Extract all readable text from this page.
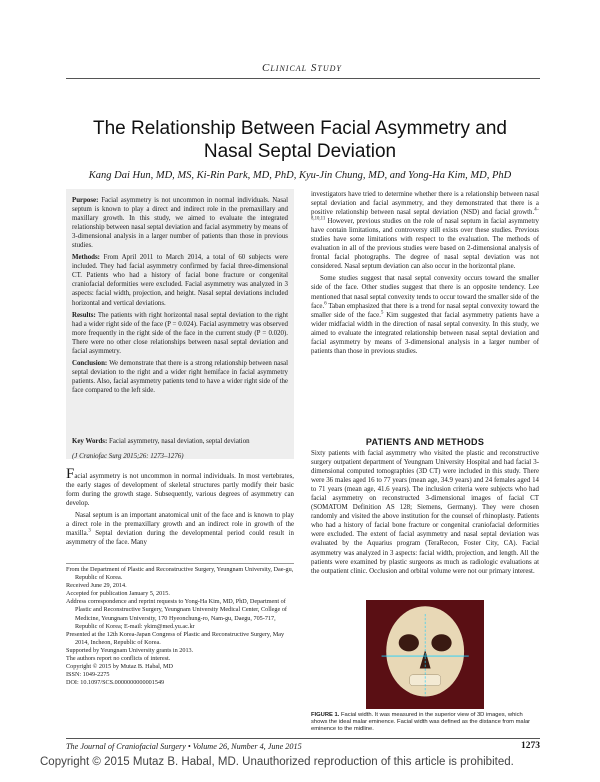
Clinical Study
The Relationship Between Facial Asymmetry and
Nasal Septal Deviation
Kang Dai Hun, MD, MS, Ki-Rin Park, MD, PhD, Kyu-Jin Chung, MD, and Yong-Ha Kim, MD, PhD

Purpose: Facial asymmetry is not uncommon in normal individuals. Nasal septum is known to play a direct and indirect role in the premaxillary and maxillary growth. In this study, we aimed to evaluate the integrated relationship between nasal septal deviation and facial asymmetry by means of 3-dimensional analysis in a larger number of patients than those in previous studies.

Methods: From April 2011 to March 2014, a total of 60 subjects were included. They had facial asymmetry confirmed by facial three-dimensional CT. Patients who had a history of facial bone fracture or congenital craniofacial deformities were excluded. Facial asymmetry was analyzed in 3 aspects: facial width, projection, and height. Nasal septal deviations included horizontal and vertical deviations.

Results: The patients with right horizontal nasal septal deviation to the right had a wider right side of the face (P = 0.024). Facial asymmetry was observed more frequently in the right side of the face in the current study (P = 0.020). There were no other close relationships between nasal septal deviation and facial asymmetry.

Conclusion: We demonstrate that there is a strong relationship between nasal septal deviation to the right and a wider right hemiface in facial asymmetry patients. Also, facial asymmetry patients tend to have a wider right side of the face compared to the left side.

Key Words: Facial asymmetry, nasal deviation, septal deviation
(J Craniofac Surg 2015;26: 1273–1276)

Facial asymmetry is not uncommon in normal individuals. In most vertebrates, the early stages of development of skeletal structures partly modify their basic form during the growth stage. Subsequently, various degrees of asymmetry can develop.

Nasal septum is an important anatomical unit of the face and is known to play a direct role in the premaxillary growth and an indirect role in growth of the maxilla.$^3$ Septal deviation during the developmental period could result in asymmetry of the face. Many

From the Department of Plastic and Reconstructive Surgery, Yeungnam University, Dae-gu, Republic of Korea.

Received June 29, 2014.

Accepted for publication January 5, 2015.

Address correspondence and reprint requests to Yong-Ha Kim, MD, PhD, Department of Plastic and Reconstructive Surgery, Yeungnam University Medical Center, College of Medicine, Yeungnam University, 170 Hyeonchung-ro, Nam-gu, Daegu, 705-717, Republic of Korea; E-mail: ykim@med.yu.ac.kr

Presented at the 12th Korea-Japan Congress of Plastic and Reconstructive Surgery, May 2014, Incheon, Republic of Korea.

Supported by Yeungnam University grants in 2013.

The authors report no conflicts of interest.

Copyright © 2015 by Mutaz B. Habal, MD

ISSN: 1049-2275

DOI: 10.1097/SCS.0000000000001549

investigators have tried to determine whether there is a relationship between nasal septal deviation and facial asymmetry, and they demonstrated that there is a positive relationship between nasal septal deviation (NSD) and facial growth.$^{4-8,10,11}$ However, previous studies on the role of nasal septum in facial asymmetry have contain limitations, and controversy still exists over these studies. Previous studies have some limitations with respect to the evaluation. The methods of evaluation in all of the previous studies were based on 2-dimensional analysis of frontal facial photographs. The degree of nasal septal deviation was not considered. Nasal septum deviation can also occur in the horizontal plane.

Some studies suggest that nasal septal convexity occurs toward the smaller side of the face. Other studies suggest that there is an opposite tendency. Lee mentioned that nasal septal convexity tends to occur toward the smaller side of the face.$^6$ Taban emphasized that there is a trend for nasal septal convexity toward the smaller side of the face.$^5$ Kim suggested that facial asymmetry patients have a wider midfacial width in the direction of nasal septal convexity. In this study, we aimed to evaluate the integrated relationship between nasal septal deviation and facial asymmetry by means of 3-dimensional analysis in a larger number of patients than those in previous studies.

PATIENTS AND METHODS

Sixty patients with facial asymmetry who visited the plastic and reconstructive surgery outpatient department of Yeungnam University Hospital and had facial 3-dimensional computed tomographies (3D CT) were included in this study. There were 36 males aged 16 to 77 years (mean age, 34.9 years) and 24 females aged 14 to 71 years (mean age, 41.6 years). The inclusion criteria were subjects who had facial asymmetry on reconstructed 3-dimensional images of facial CT (SOMATOM Definition AS 128; Siemens, Germany). They were chosen randomly and visited the above institution for the counsel of rhinoplasty. Patients who had a history of facial bone fracture or congenital craniofacial deformities were excluded. The extent of facial asymmetry and nasal septal deviation was evaluated by the Aquarius program (TeraRecon, Foster City, CA). Facial asymmetry was analyzed in 3 aspects: facial width, projection, and length. All the patients were examined by plastic surgeons as much as radiologic evaluations at the outpatient clinic. Occlusion and orbital volume were not our primary interest.

FIGURE 1. Facial width. It was measured in the superior view of 3D images, which shows the ideal malar eminence. Facial width was defined as the distance from malar eminence to the midline.
The Journal of Craniofacial Surgery • Volume 26, Number 4, June 2015	1273
Copyright © 2015 Mutaz B. Habal, MD. Unauthorized reproduction of this article is prohibited.
